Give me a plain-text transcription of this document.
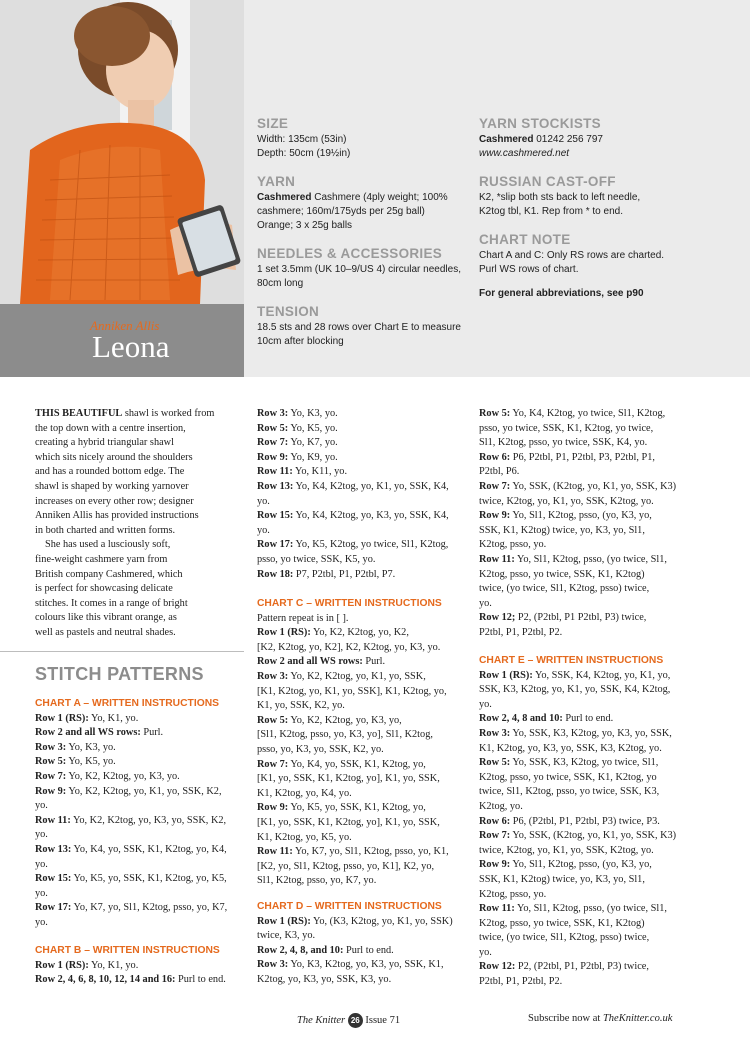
Anniken Allis
Leona
SIZE
Width: 135cm (53in)
Depth: 50cm (19½in)
YARN
Cashmered Cashmere (4ply weight; 100%
cashmere; 160m/175yds per 25g ball)
Orange; 3 x 25g balls
NEEDLES & ACCESSORIES
1 set 3.5mm (UK 10–9/US 4) circular needles,
80cm long
TENSION
18.5 sts and 28 rows over Chart E to measure
10cm after blocking
YARN STOCKISTS
Cashmered 01242 256 797
www.cashmered.net
RUSSIAN CAST-OFF
K2, *slip both sts back to left needle,
K2tog tbl, K1. Rep from * to end.
CHART NOTE
Chart A and C: Only RS rows are charted.
Purl WS rows of chart.
For general abbreviations, see p90
THIS BEAUTIFUL shawl is worked from
the top down with a centre insertion,
creating a hybrid triangular shawl
which sits nicely around the shoulders
and has a rounded bottom edge. The
shawl is shaped by working yarnover
increases on every other row; designer
Anniken Allis has provided instructions
in both charted and written forms.
She has used a lusciously soft,
fine-weight cashmere yarn from
British company Cashmered, which
is perfect for showcasing delicate
stitches. It comes in a range of bright
colours like this vibrant orange, as
well as pastels and neutral shades.
STITCH PATTERNS
CHART A – WRITTEN INSTRUCTIONS
Row 1 (RS): Yo, K1, yo.
Row 2 and all WS rows: Purl.
Row 3: Yo, K3, yo.
Row 5: Yo, K5, yo.
Row 7: Yo, K2, K2tog, yo, K3, yo.
Row 9: Yo, K2, K2tog, yo, K1, yo, SSK, K2,
yo.
Row 11: Yo, K2, K2tog, yo, K3, yo, SSK, K2,
yo.
Row 13: Yo, K4, yo, SSK, K1, K2tog, yo, K4,
yo.
Row 15: Yo, K5, yo, SSK, K1, K2tog, yo, K5,
yo.
Row 17: Yo, K7, yo, Sl1, K2tog, psso, yo, K7,
yo.
CHART B – WRITTEN INSTRUCTIONS
Row 1 (RS): Yo, K1, yo.
Row 2, 4, 6, 8, 10, 12, 14 and 16: Purl to end.
Row 3: Yo, K3, yo.
Row 5: Yo, K5, yo.
Row 7: Yo, K7, yo.
Row 9: Yo, K9, yo.
Row 11: Yo, K11, yo.
Row 13: Yo, K4, K2tog, yo, K1, yo, SSK, K4,
yo.
Row 15: Yo, K4, K2tog, yo, K3, yo, SSK, K4,
yo.
Row 17: Yo, K5, K2tog, yo twice, Sl1, K2tog,
psso, yo twice, SSK, K5, yo.
Row 18: P7, P2tbl, P1, P2tbl, P7.
CHART C – WRITTEN INSTRUCTIONS
Pattern repeat is in [ ].
Row 1 (RS): Yo, K2, K2tog, yo, K2,
[K2, K2tog, yo, K2], K2, K2tog, yo, K3, yo.
Row 2 and all WS rows: Purl.
Row 3: Yo, K2, K2tog, yo, K1, yo, SSK,
[K1, K2tog, yo, K1, yo, SSK], K1, K2tog, yo,
K1, yo, SSK, K2, yo.
Row 5: Yo, K2, K2tog, yo, K3, yo,
[Sl1, K2tog, psso, yo, K3, yo], Sl1, K2tog,
psso, yo, K3, yo, SSK, K2, yo.
Row 7: Yo, K4, yo, SSK, K1, K2tog, yo,
[K1, yo, SSK, K1, K2tog, yo], K1, yo, SSK,
K1, K2tog, yo, K4, yo.
Row 9: Yo, K5, yo, SSK, K1, K2tog, yo,
[K1, yo, SSK, K1, K2tog, yo], K1, yo, SSK,
K1, K2tog, yo, K5, yo.
Row 11: Yo, K7, yo, Sl1, K2tog, psso, yo, K1,
[K2, yo, Sl1, K2tog, psso, yo, K1], K2, yo,
Sl1, K2tog, psso, yo, K7, yo.
CHART D – WRITTEN INSTRUCTIONS
Row 1 (RS): Yo, (K3, K2tog, yo, K1, yo, SSK)
twice, K3, yo.
Row 2, 4, 8, and 10: Purl to end.
Row 3: Yo, K3, K2tog, yo, K3, yo, SSK, K1,
K2tog, yo, K3, yo, SSK, K3, yo.
Row 5: Yo, K4, K2tog, yo twice, Sl1, K2tog,
psso, yo twice, SSK, K1, K2tog, yo twice,
Sl1, K2tog, psso, yo twice, SSK, K4, yo.
Row 6: P6, P2tbl, P1, P2tbl, P3, P2tbl, P1,
P2tbl, P6.
Row 7: Yo, SSK, (K2tog, yo, K1, yo, SSK, K3)
twice, K2tog, yo, K1, yo, SSK, K2tog, yo.
Row 9: Yo, Sl1, K2tog, psso, (yo, K3, yo,
SSK, K1, K2tog) twice, yo, K3, yo, Sl1,
K2tog, psso, yo.
Row 11: Yo, Sl1, K2tog, psso, (yo twice, Sl1,
K2tog, psso, yo twice, SSK, K1, K2tog)
twice, (yo twice, Sl1, K2tog, psso) twice,
yo.
Row 12; P2, (P2tbl, P1 P2tbl, P3) twice,
P2tbl, P1, P2tbl, P2.
CHART E – WRITTEN INSTRUCTIONS
Row 1 (RS): Yo, SSK, K4, K2tog, yo, K1, yo,
SSK, K3, K2tog, yo, K1, yo, SSK, K4, K2tog,
yo.
Row 2, 4, 8 and 10: Purl to end.
Row 3: Yo, SSK, K3, K2tog, yo, K3, yo, SSK,
K1, K2tog, yo, K3, yo, SSK, K3, K2tog, yo.
Row 5: Yo, SSK, K3, K2tog, yo twice, Sl1,
K2tog, psso, yo twice, SSK, K1, K2tog, yo
twice, Sl1, K2tog, psso, yo twice, SSK, K3,
K2tog, yo.
Row 6: P6, (P2tbl, P1, P2tbl, P3) twice, P3.
Row 7: Yo, SSK, (K2tog, yo, K1, yo, SSK, K3)
twice, K2tog, yo, K1, yo, SSK, K2tog, yo.
Row 9: Yo, Sl1, K2tog, psso, (yo, K3, yo,
SSK, K1, K2tog) twice, yo, K3, yo, Sl1,
K2tog, psso, yo.
Row 11: Yo, Sl1, K2tog, psso, (yo twice, Sl1,
K2tog, psso, yo twice, SSK, K1, K2tog)
twice, (yo twice, Sl1, K2tog, psso) twice,
yo.
Row 12: P2, (P2tbl, P1, P2tbl, P3) twice,
P2tbl, P1, P2tbl, P2.
The Knitter 26 Issue 71	Subscribe now at TheKnitter.co.uk
